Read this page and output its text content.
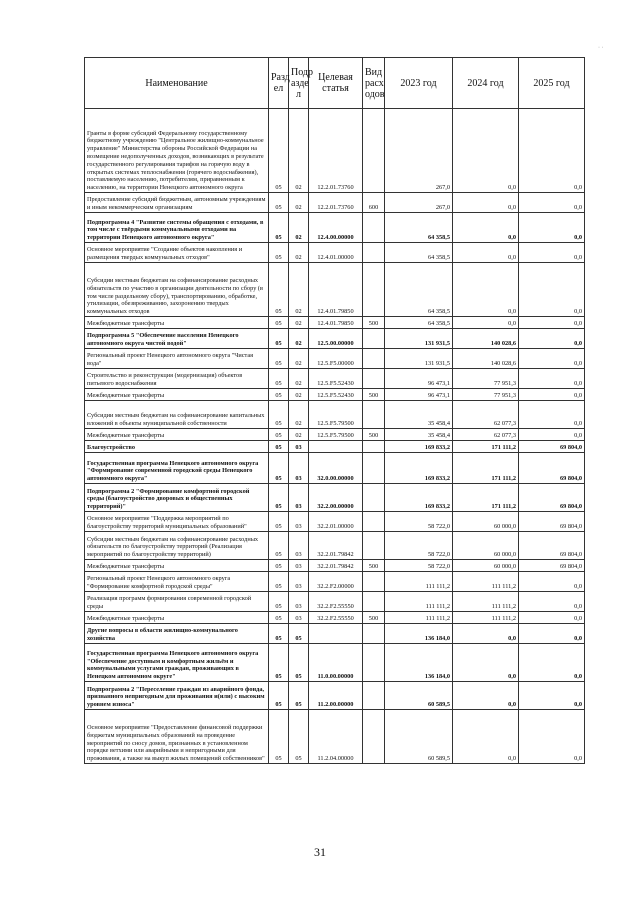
· ·
Наименование	Разд ел	Подр азде л	Целевая статья	Вид расх одов	2023 год	2024 год	2025 год
Гранты в форме субсидий Федеральному государственному бюджетному учреждению "Центральное жилищно-коммунальное управление" Министерства обороны Российской Федерации на возмещение недополученных доходов, возникающих в результате государственного регулирования тарифов на горячую воду в открытых системах теплоснабжения (горячего водоснабжения), поставляемую населению, потребителям, приравненным к населению, на территории Ненецкого автономного округа	05	02	12.2.01.73760		267,0	0,0	0,0
Предоставление субсидий бюджетным, автономным учреждениям и иным некоммерческим организациям	05	02	12.2.01.73760	600	267,0	0,0	0,0
Подпрограмма 4 "Развитие системы обращения с отходами, в том числе с твёрдыми коммунальными отходами на территории Ненецкого автономного округа"	05	02	12.4.00.00000		64 358,5	0,0	0,0
Основное мероприятие "Создание объектов накопления и размещения твердых коммунальных отходов"	05	02	12.4.01.00000		64 358,5	0,0	0,0
Субсидии местным бюджетам на софинансирование расходных обязательств по участию в организации деятельности по сбору (в том числе раздельному сбору), транспортированию, обработке, утилизации, обезвреживанию, захоронению твердых коммунальных отходов	05	02	12.4.01.79850		64 358,5	0,0	0,0
Межбюджетные трансферты	05	02	12.4.01.79850	500	64 358,5	0,0	0,0
Подпрограмма 5 "Обеспечение населения Ненецкого автономного округа чистой водой"	05	02	12.5.00.00000		131 931,5	140 028,6	0,0
Региональный проект Ненецкого автономного округа "Чистая вода"	05	02	12.5.F5.00000		131 931,5	140 028,6	0,0
Строительство и реконструкция (модернизация) объектов питьевого водоснабжения	05	02	12.5.F5.52430		96 473,1	77 951,3	0,0
Межбюджетные трансферты	05	02	12.5.F5.52430	500	96 473,1	77 951,3	0,0
Субсидии местным бюджетам на софинансирование капитальных вложений в объекты муниципальной собственности	05	02	12.5.F5.79500		35 458,4	62 077,3	0,0
Межбюджетные трансферты	05	02	12.5.F5.79500	500	35 458,4	62 077,3	0,0
Благоустройство	05	03			169 833,2	171 111,2	69 804,0
Государственная программа Ненецкого автономного округа "Формирование современной городской среды Ненецкого автономного округа"	05	03	32.0.00.00000		169 833,2	171 111,2	69 804,0
Подпрограмма 2 "Формирование комфортной городской среды (благоустройство дворовых и общественных территорий)"	05	03	32.2.00.00000		169 833,2	171 111,2	69 804,0
Основное мероприятие "Поддержка мероприятий по благоустройству территорий муниципальных образований"	05	03	32.2.01.00000		58 722,0	60 000,0	69 804,0
Субсидии местным бюджетам на софинансирование расходных обязательств по благоустройству территорий (Реализация мероприятий по благоустройству территорий)	05	03	32.2.01.79842		58 722,0	60 000,0	69 804,0
Межбюджетные трансферты	05	03	32.2.01.79842	500	58 722,0	60 000,0	69 804,0
Региональный проект Ненецкого автономного округа "Формирование комфортной городской среды"	05	03	32.2.F2.00000		111 111,2	111 111,2	0,0
Реализация программ формирования современной городской среды	05	03	32.2.F2.55550		111 111,2	111 111,2	0,0
Межбюджетные трансферты	05	03	32.2.F2.55550	500	111 111,2	111 111,2	0,0
Другие вопросы в области жилищно-коммунального хозяйства	05	05			136 184,0	0,0	0,0
Государственная программа Ненецкого автономного округа "Обеспечение доступным и комфортным жильём и коммунальными услугами граждан, проживающих в Ненецком автономном округе"	05	05	11.0.00.00000		136 184,0	0,0	0,0
Подпрограмма 2 "Переселение граждан из аварийного фонда, признанного непригодным для проживания и(или) с высоким уровнем износа"	05	05	11.2.00.00000		60 589,5	0,0	0,0
Основное мероприятие "Предоставление финансовой поддержки бюджетам муниципальных образований на проведение мероприятий по сносу домов, признанных в установленном порядке ветхими или аварийными и непригодными для проживания, а также на выкуп жилых помещений собственников"	05	05	11.2.04.00000		60 589,5	0,0	0,0
31
